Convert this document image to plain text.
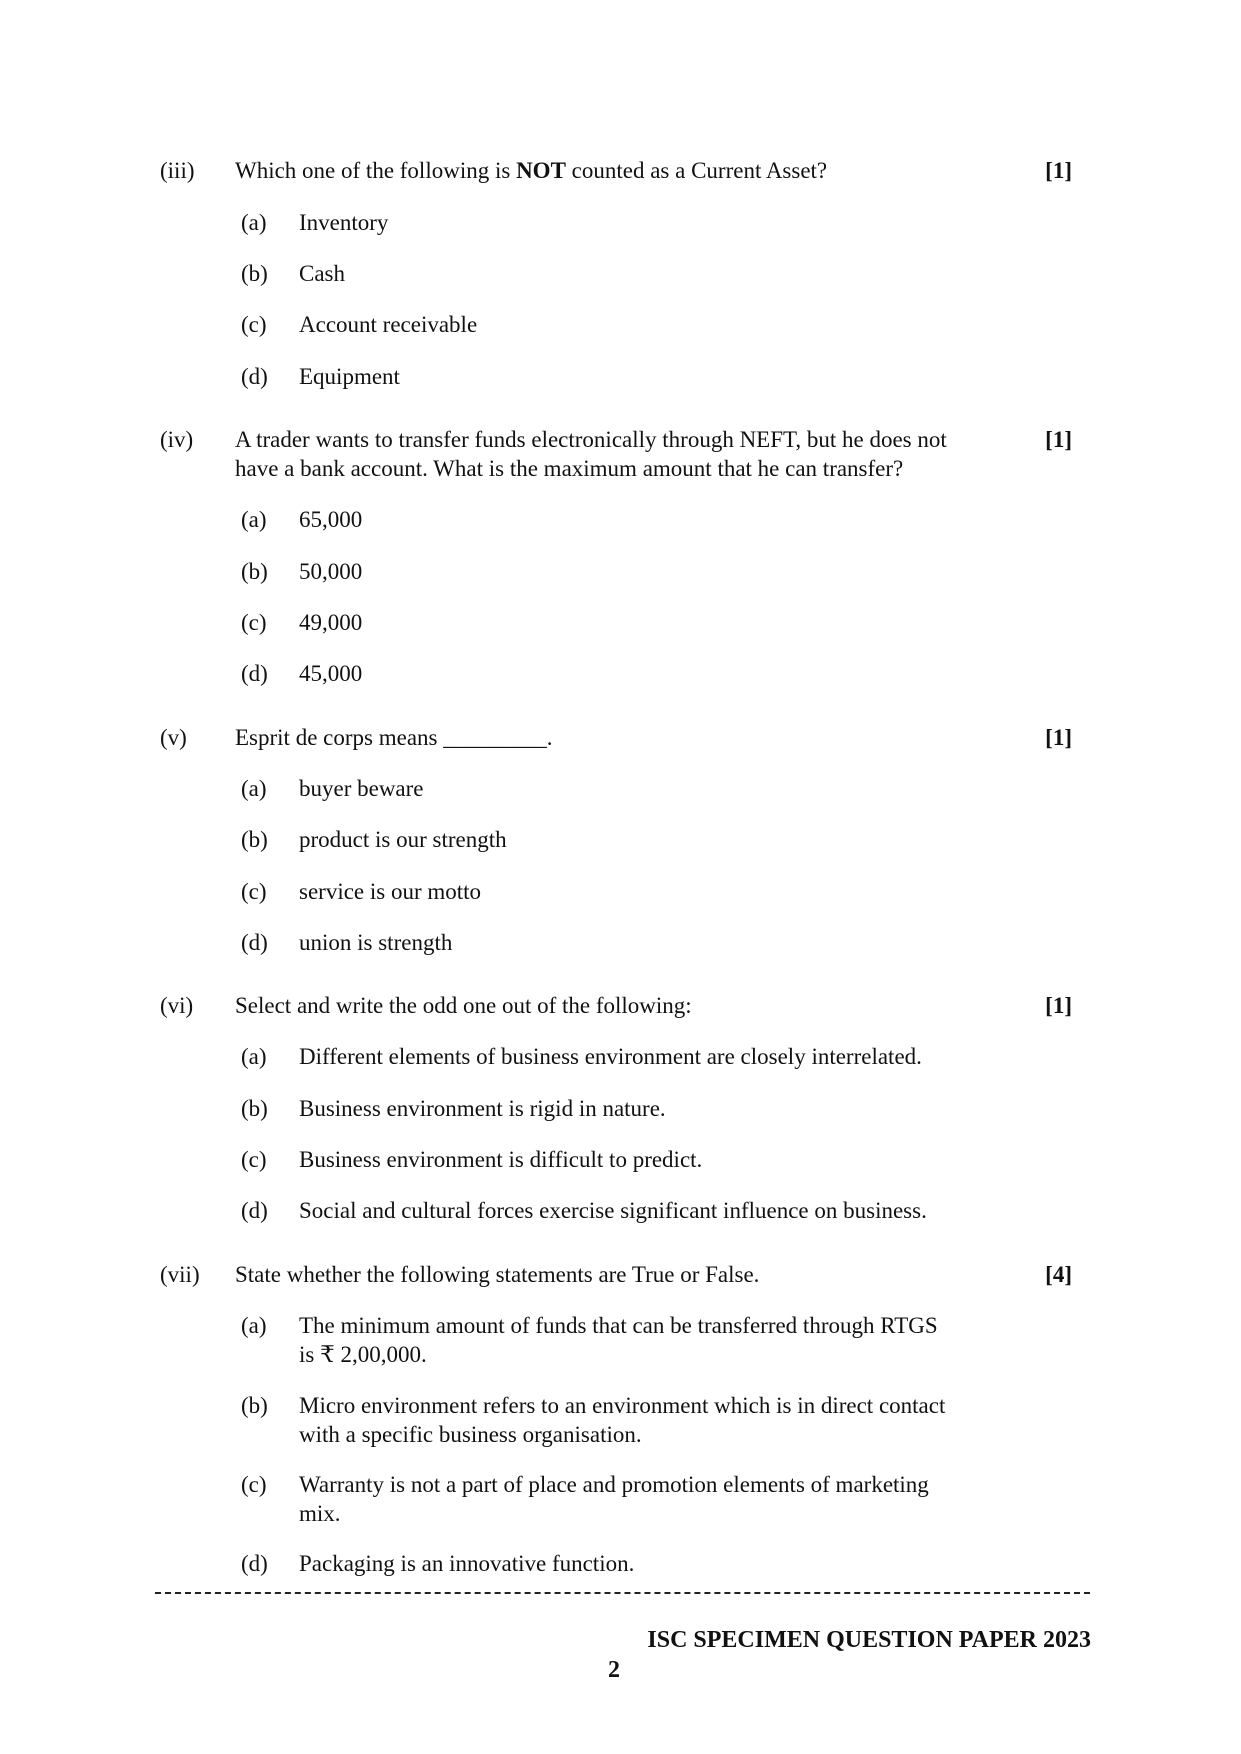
(iii) Which one of the following is NOT counted as a Current Asset?	[1]
(a) Inventory
(b) Cash
(c) Account receivable
(d) Equipment
(iv) A trader wants to transfer funds electronically through NEFT, but he does not
have a bank account. What is the maximum amount that he can transfer?
[1]
(a) 65,000
(b) 50,000
(c) 49,000
(d) 45,000
(v) Esprit de corps means _________.	[1]
(a) buyer beware
(b) product is our strength
(c) service is our motto
(d) union is strength
(vi) Select and write the odd one out of the following:	[1]
(a) Different elements of business environment are closely interrelated.
(b) Business environment is rigid in nature.
(c) Business environment is difficult to predict.
(d) Social and cultural forces exercise significant influence on business.
(vii) State whether the following statements are True or False.	[4]
(a) The minimum amount of funds that can be transferred through RTGS
is ₹ 2,00,000.
(b) Micro environment refers to an environment which is in direct contact
with a specific business organisation.
(c) Warranty is not a part of place and promotion elements of marketing
mix.
(d) Packaging is an innovative function.
ISC SPECIMEN QUESTION PAPER 2023
2
